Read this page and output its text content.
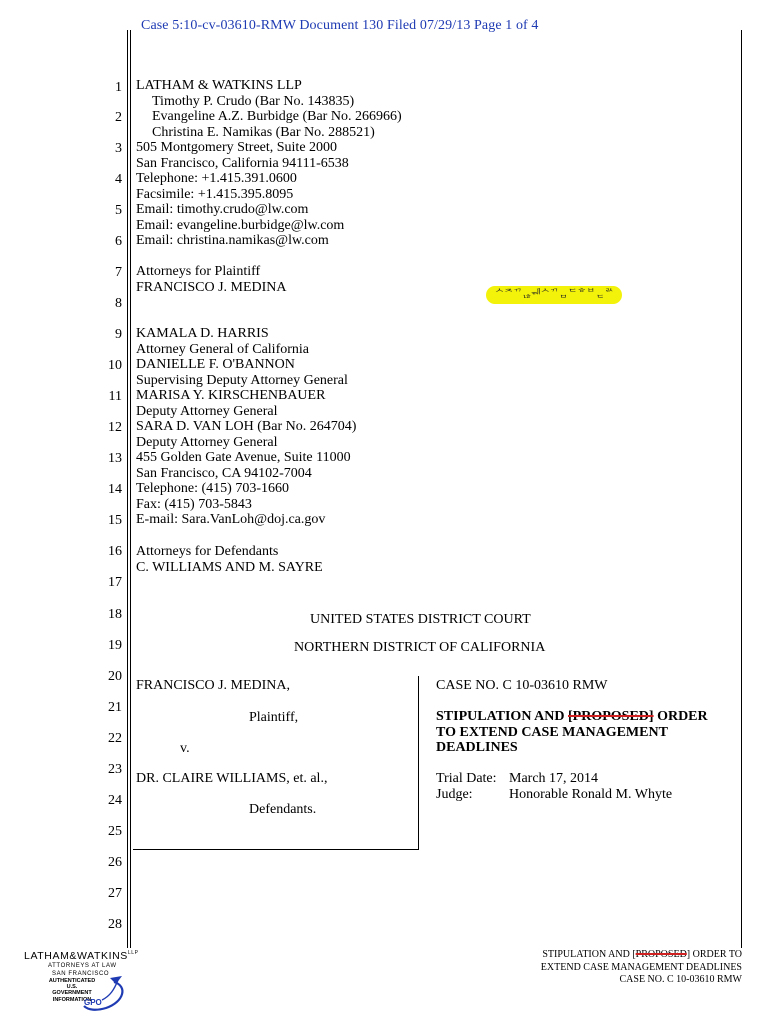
Case 5:10-cv-03610-RMW Document 130 Filed 07/29/13 Page 1 of 4
1
2
3
4
5
6
7
8
9
10
11
12
13
14
15
16
17
18
19
20
21
22
23
24
25
26
27
28
LATHAM & WATKINS LLP
Timothy P. Crudo (Bar No. 143835)
Evangeline A.Z. Burbidge (Bar No. 266966)
Christina E. Namikas (Bar No. 288521)
505 Montgomery Street, Suite 2000
San Francisco, California 94111-6538
Telephone: +1.415.391.0600
Facsimile: +1.415.395.8095
Email: timothy.crudo@lw.com
Email: evangeline.burbidge@lw.com
Email: christina.namikas@lw.com
Attorneys for Plaintiff
FRANCISCO J. MEDINA	ᄉᄌᄁᆭᆐᄉᄁᆷᄃᄒᄇᆮᄅᄉ
KAMALA D. HARRIS
Attorney General of California
DANIELLE F. O'BANNON
Supervising Deputy Attorney General
MARISA Y. KIRSCHENBAUER
Deputy Attorney General
SARA D. VAN LOH (Bar No. 264704)
Deputy Attorney General
455 Golden Gate Avenue, Suite 11000
San Francisco, CA 94102-7004
Telephone: (415) 703-1660
Fax: (415) 703-5843
E-mail: Sara.VanLoh@doj.ca.gov
Attorneys for Defendants
C. WILLIAMS AND M. SAYRE
UNITED STATES DISTRICT COURT
NORTHERN DISTRICT OF CALIFORNIA
FRANCISCO J. MEDINA,
Plaintiff,
v.
DR. CLAIRE WILLIAMS, et. al.,
Defendants.
CASE NO. C 10-03610 RMW
STIPULATION AND [PROPOSED] ORDER
TO EXTEND CASE MANAGEMENT
DEADLINES
Trial Date: March 17, 2014
Judge:	Honorable Ronald M. Whyte
$LATHAM\&WATKINS^{LLP}$
ATTORNEYS AT LAW
SAN FRANCISCO
AUTHENTICATED
U.S. GOVERNMENT
INFORMATION
GPO
STIPULATION AND [PROPOSED] ORDER TO
EXTEND CASE MANAGEMENT DEADLINES
CASE NO. C 10-03610 RMW
